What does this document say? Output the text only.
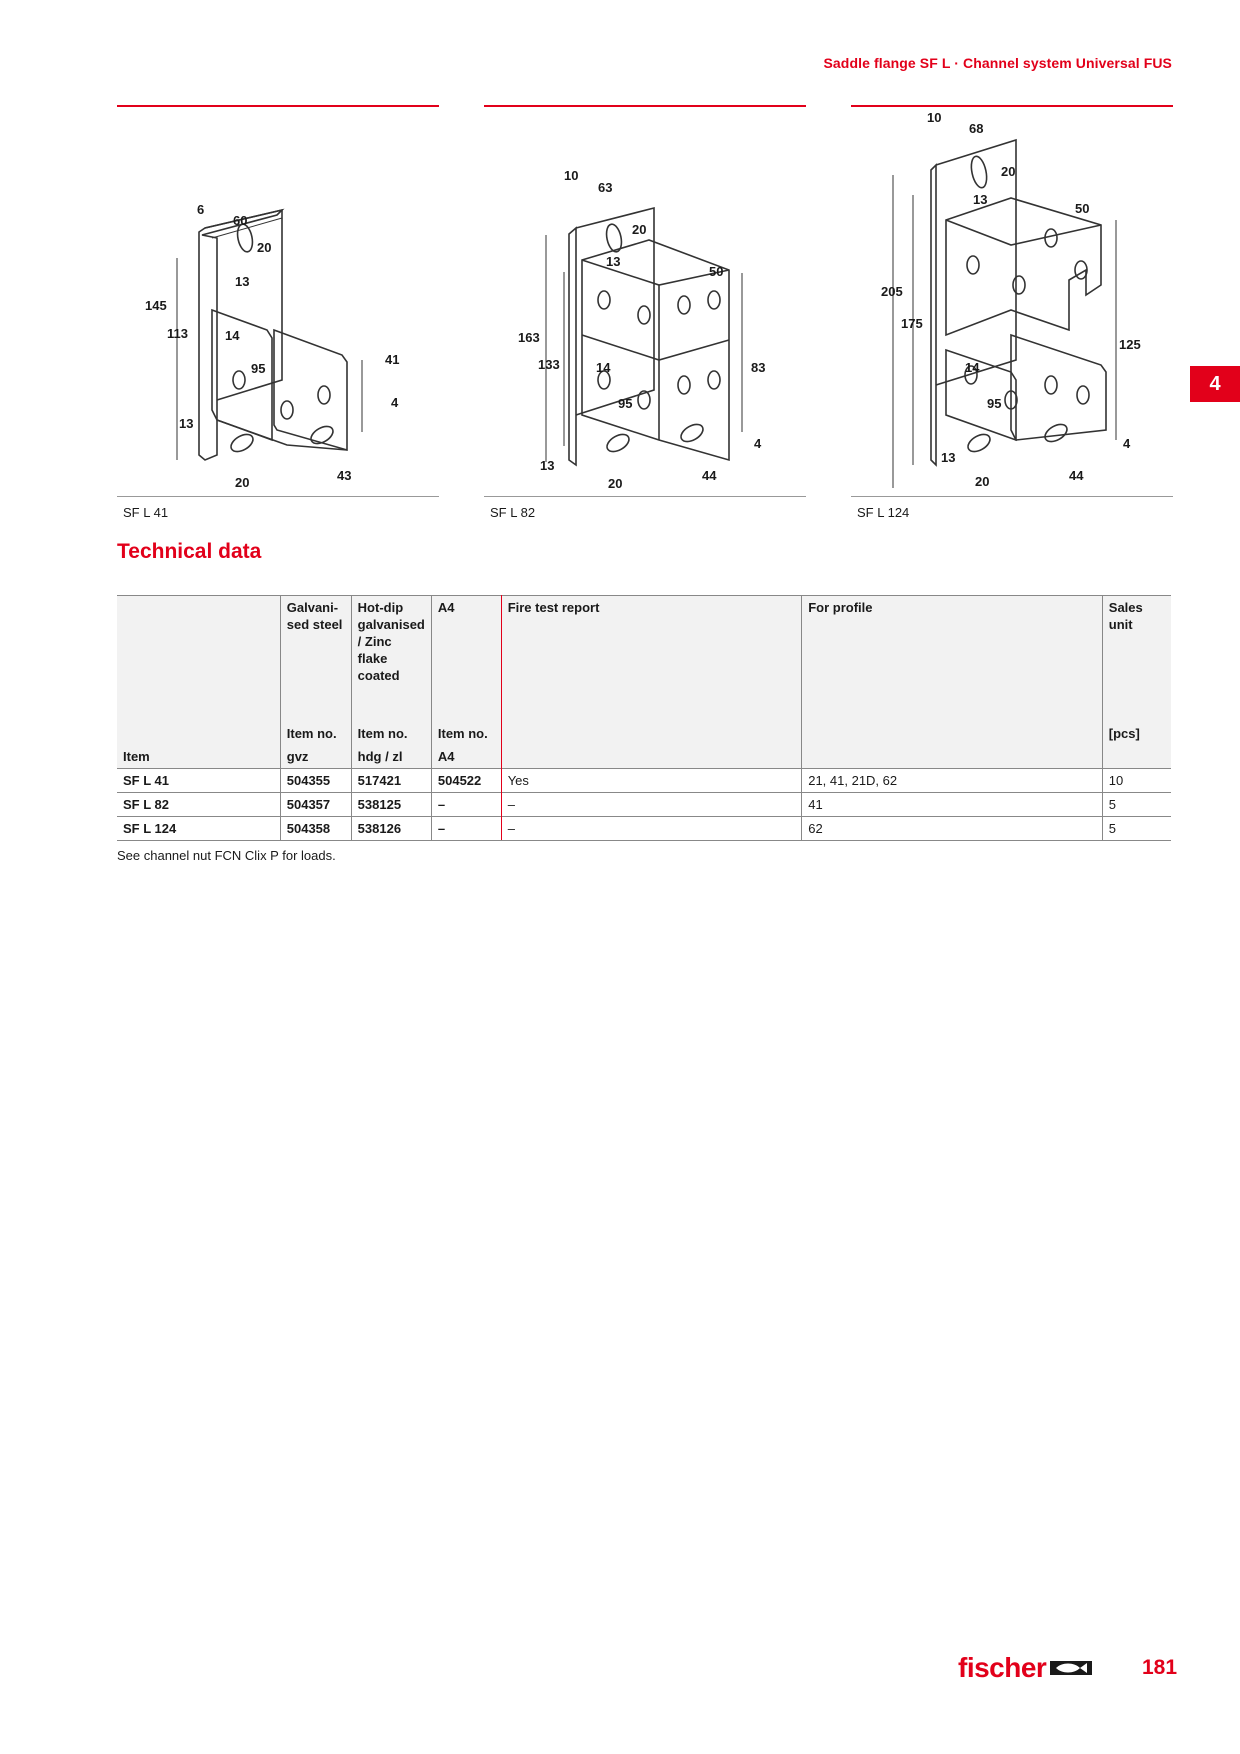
Saddle flange SF L · Channel system Universal FUS
4
6
60
20
13
145
113	14
95
41
4
13
20	43
10
63
20
13
50
163
133	14	83
95
4
13
20
44
10
68
20
13
50
205
175
125
14
95
4
13
20	44
SF L 41	SF L 82	SF L 124
Technical data
	Galvani-
sed steel	Hot-dip
galvanised
/ Zinc
flake
coated	A4	Fire test report	For profile	Sales unit
	Item no.	Item no.	Item no.			[pcs]
Item	gvz	hdg / zl	A4			
SF L 41	504355	517421	504522	Yes	21, 41, 21D, 62	10
SF L 82	504357	538125	–	–	41	5
SF L 124	504358	538126	–	–	62	5
See channel nut FCN Clix P for loads.
fischer	181
